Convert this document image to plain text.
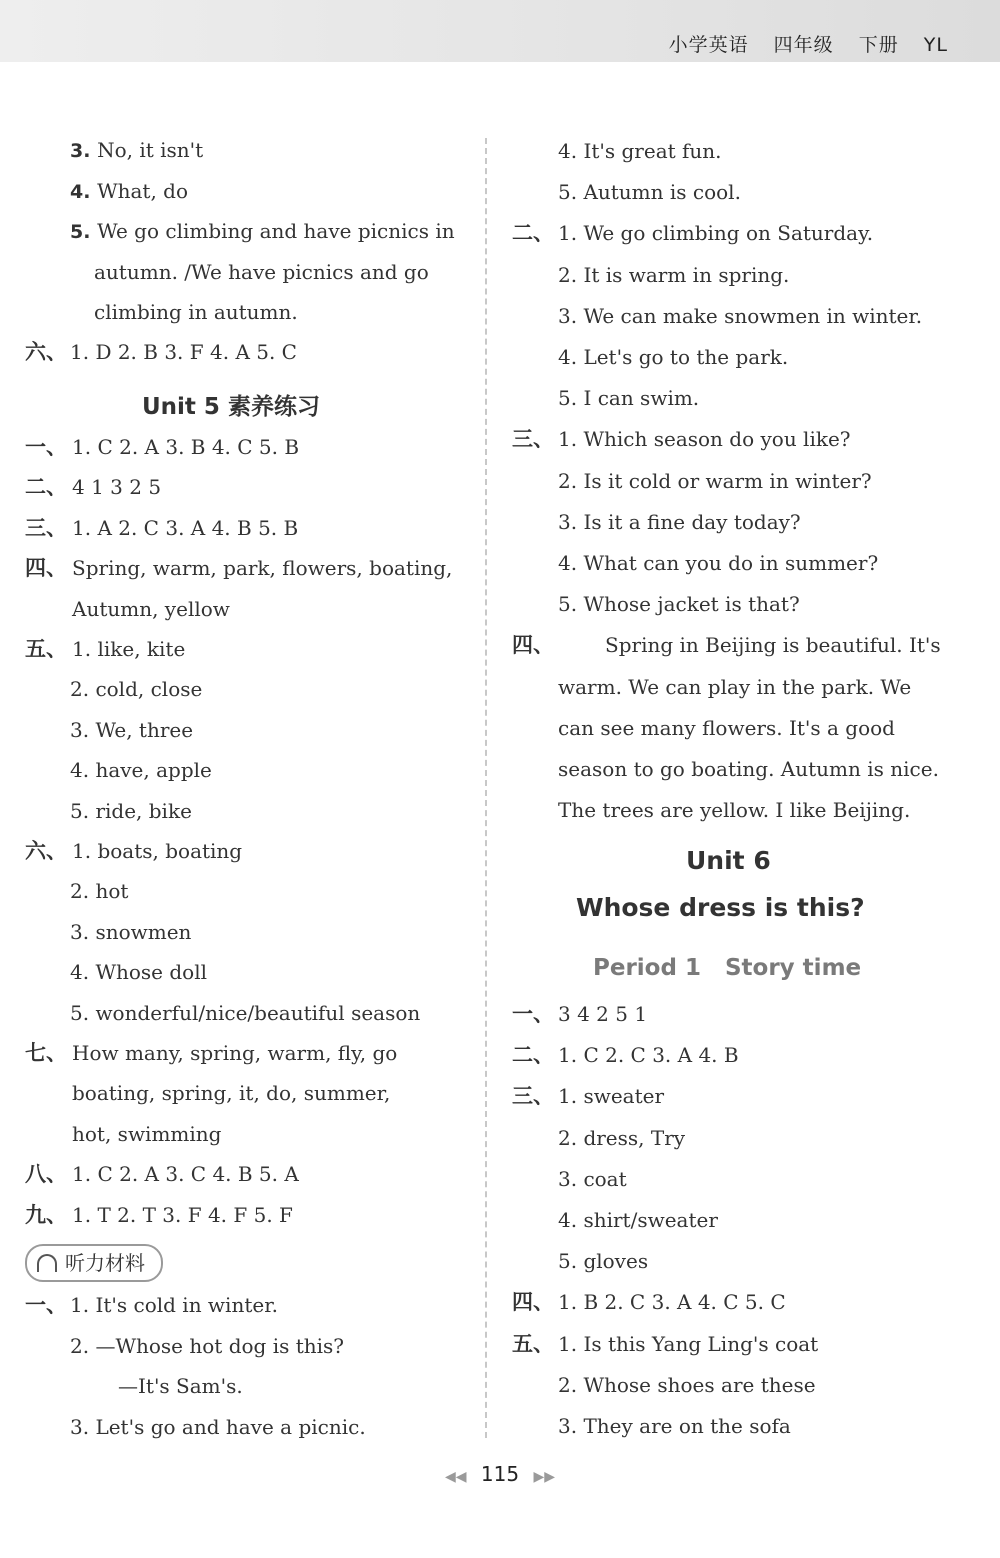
小学英语 四年级 下册 YL
3. No, it isn't
4. What, do
5. We go climbing and have picnics in
autumn. /We have picnics and go
climbing in autumn.
六、 1. D 2. B 3. F 4. A 5. C
一、 1. C 2. A 3. B 4. C 5. B
二、 4 1 3 2 5
三、 1. A 2. C 3. A 4. B 5. B
四、 Spring, warm, park, flowers, boating,
Autumn, yellow
五、 1. like, kite
2. cold, close
3. We, three
4. have, apple
5. ride, bike
六、 1. boats, boating
2. hot
3. snowmen
4. Whose doll
5. wonderful/nice/beautiful season
七、 How many, spring, warm, fly, go
boating, spring, it, do, summer,
hot, swimming
八、 1. C 2. A 3. C 4. B 5. A
九、 1. T 2. T 3. F 4. F 5. F
一、 1. It's cold in winter.
2. —Whose hot dog is this?
—It's Sam's.
3. Let's go and have a picnic.
4. It's great fun.
5. Autumn is cool.
二、 1. We go climbing on Saturday.
2. It is warm in spring.
3. We can make snowmen in winter.
4. Let's go to the park.
5. I can swim.
三、 1. Which season do you like?
2. Is it cold or warm in winter?
3. Is it a fine day today?
4. What can you do in summer?
5. Whose jacket is that?
四、	Spring in Beijing is beautiful. It's
warm. We can play in the park. We
can see many flowers. It's a good
season to go boating. Autumn is nice.
The trees are yellow. I like Beijing.
一、 3 4 2 5 1
二、 1. C 2. C 3. A 4. B
三、 1. sweater
2. dress, Try
3. coat
4. shirt/sweater
5. gloves
四、 1. B 2. C 3. A 4. C 5. C
五、 1. Is this Yang Ling's coat
2. Whose shoes are these
3. They are on the sofa
Unit 5 素养练习
听力材料
Unit 6
Whose dress is this?
Period 1   Story time
◀◀ 115 ▶▶
